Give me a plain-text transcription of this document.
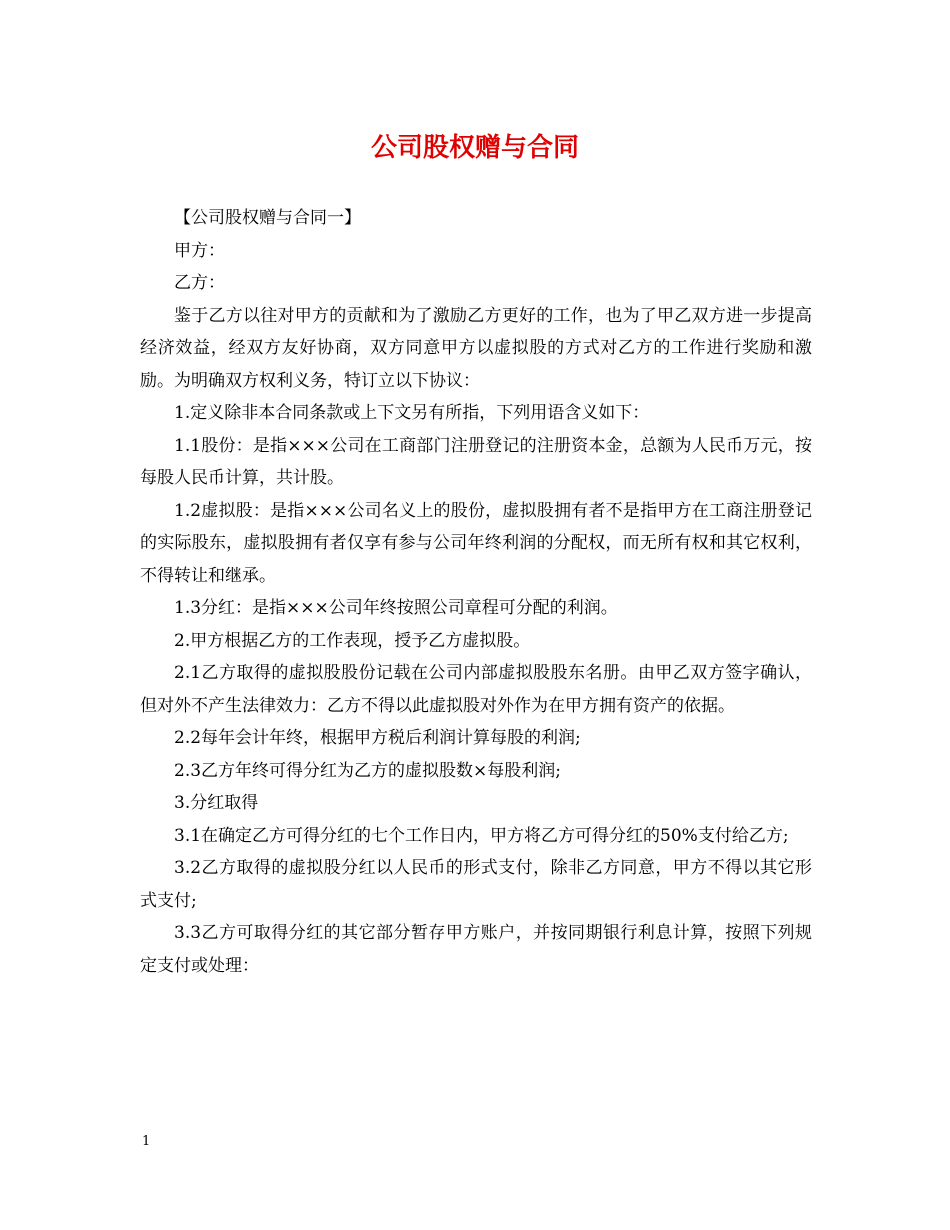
公司股权赠与合同

【公司股权赠与合同一】

甲方：

乙方：

鉴于乙方以往对甲方的贡献和为了激励乙方更好的工作，也为了甲乙双方进一步提高经济效益，经双方友好协商，双方同意甲方以虚拟股的方式对乙方的工作进行奖励和激励。为明确双方权利义务，特订立以下协议：

1.定义除非本合同条款或上下文另有所指，下列用语含义如下：

1.1股份：是指×××公司在工商部门注册登记的注册资本金，总额为人民币万元，按每股人民币计算，共计股。

1.2虚拟股：是指×××公司名义上的股份，虚拟股拥有者不是指甲方在工商注册登记的实际股东，虚拟股拥有者仅享有参与公司年终利润的分配权，而无所有权和其它权利，不得转让和继承。

1.3分红：是指×××公司年终按照公司章程可分配的利润。

2.甲方根据乙方的工作表现，授予乙方虚拟股。

2.1乙方取得的虚拟股股份记载在公司内部虚拟股股东名册。由甲乙双方签字确认，但对外不产生法律效力：乙方不得以此虚拟股对外作为在甲方拥有资产的依据。

2.2每年会计年终，根据甲方税后利润计算每股的利润;

2.3乙方年终可得分红为乙方的虚拟股数×每股利润;

3.分红取得

3.1在确定乙方可得分红的七个工作日内，甲方将乙方可得分红的50%支付给乙方;

3.2乙方取得的虚拟股分红以人民币的形式支付，除非乙方同意，甲方不得以其它形式支付;

3.3乙方可取得分红的其它部分暂存甲方账户，并按同期银行利息计算，按照下列规定支付或处理：

1
